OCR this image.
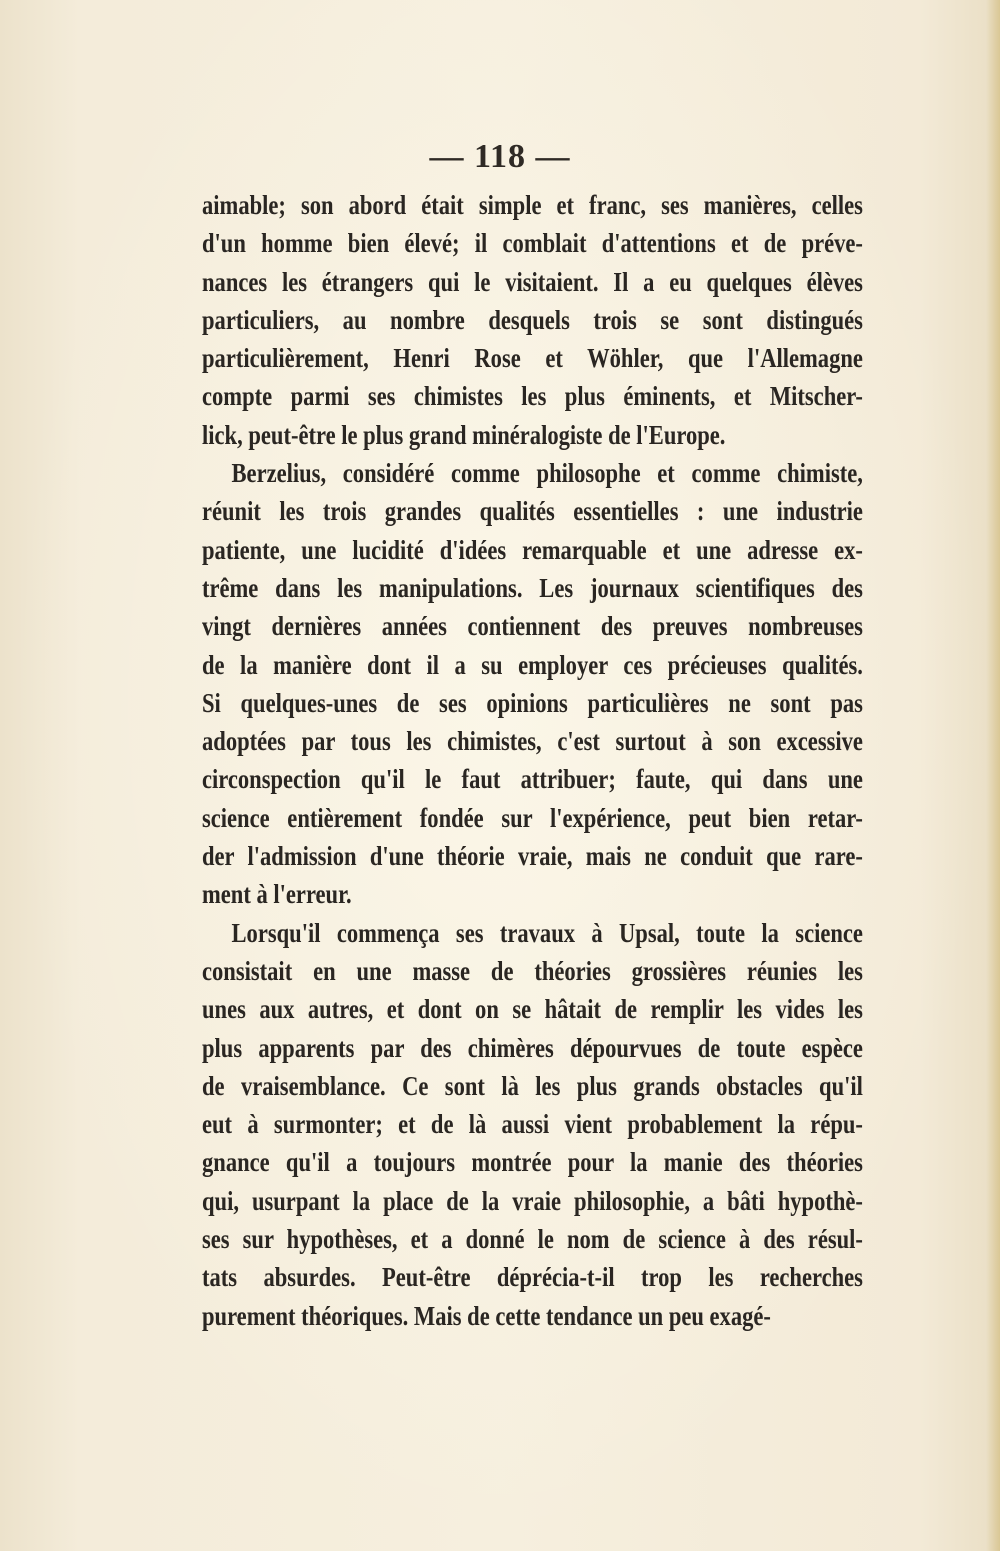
— 118 —
aimable; son abord était simple et franc, ses manières, celles
d'un homme bien élevé; il comblait d'attentions et de préve-
nances les étrangers qui le visitaient. Il a eu quelques élèves
particuliers, au nombre desquels trois se sont distingués
particulièrement, Henri Rose et Wöhler, que l'Allemagne
compte parmi ses chimistes les plus éminents, et Mitscher-
lick, peut-être le plus grand minéralogiste de l'Europe.
Berzelius, considéré comme philosophe et comme chimiste,
réunit les trois grandes qualités essentielles : une industrie
patiente, une lucidité d'idées remarquable et une adresse ex-
trême dans les manipulations. Les journaux scientifiques des
vingt dernières années contiennent des preuves nombreuses
de la manière dont il a su employer ces précieuses qualités.
Si quelques-unes de ses opinions particulières ne sont pas
adoptées par tous les chimistes, c'est surtout à son excessive
circonspection qu'il le faut attribuer; faute, qui dans une
science entièrement fondée sur l'expérience, peut bien retar-
der l'admission d'une théorie vraie, mais ne conduit que rare-
ment à l'erreur.
Lorsqu'il commença ses travaux à Upsal, toute la science
consistait en une masse de théories grossières réunies les
unes aux autres, et dont on se hâtait de remplir les vides les
plus apparents par des chimères dépourvues de toute espèce
de vraisemblance. Ce sont là les plus grands obstacles qu'il
eut à surmonter; et de là aussi vient probablement la répu-
gnance qu'il a toujours montrée pour la manie des théories
qui, usurpant la place de la vraie philosophie, a bâti hypothè-
ses sur hypothèses, et a donné le nom de science à des résul-
tats absurdes. Peut-être déprécia-t-il trop les recherches
purement théoriques. Mais de cette tendance un peu exagé-
